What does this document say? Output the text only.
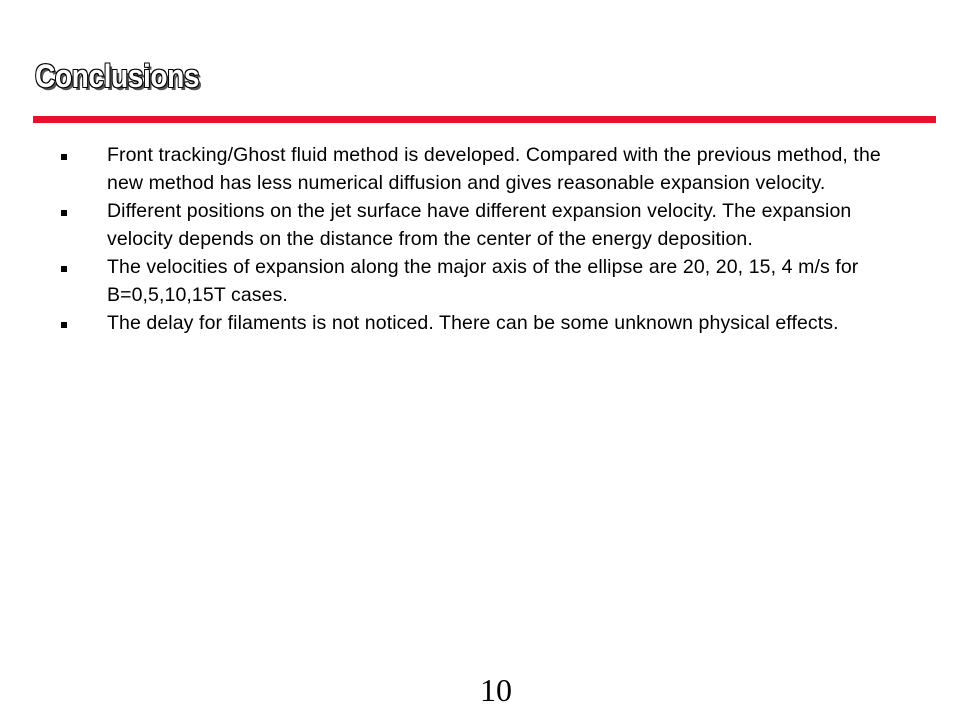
Conclusions
Front tracking/Ghost fluid method is developed. Compared with the previous method, the new method has less numerical diffusion and gives reasonable expansion velocity.
Different positions on the jet surface have different expansion velocity. The expansion velocity depends on the distance from the center of the energy deposition.
The velocities of expansion along the major axis of the ellipse are 20, 20, 15, 4 m/s for B=0,5,10,15T cases.
The delay for filaments is not noticed. There can be some unknown physical effects.
10
